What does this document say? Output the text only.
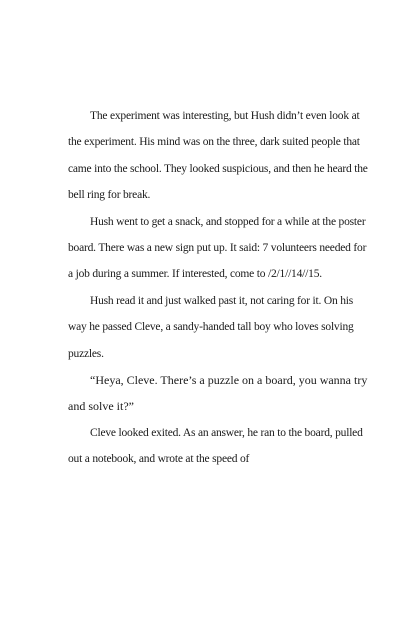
The experiment was interesting, but Hush didn’t even look at the experiment. His mind was on the three, dark suited people that came into the school. They looked suspicious, and then he heard the bell ring for break.

Hush went to get a snack, and stopped for a while at the poster board. There was a new sign put up. It said: 7 volunteers needed for a job during a summer. If interested, come to /2/1//14//15.

Hush read it and just walked past it, not caring for it. On his way he passed Cleve, a sandy-handed tall boy who loves solving puzzles.

“Heya, Cleve. There’s a puzzle on a board, you wanna try and solve it?”

Cleve looked exited. As an answer, he ran to the board, pulled out a notebook, and wrote at the speed of
